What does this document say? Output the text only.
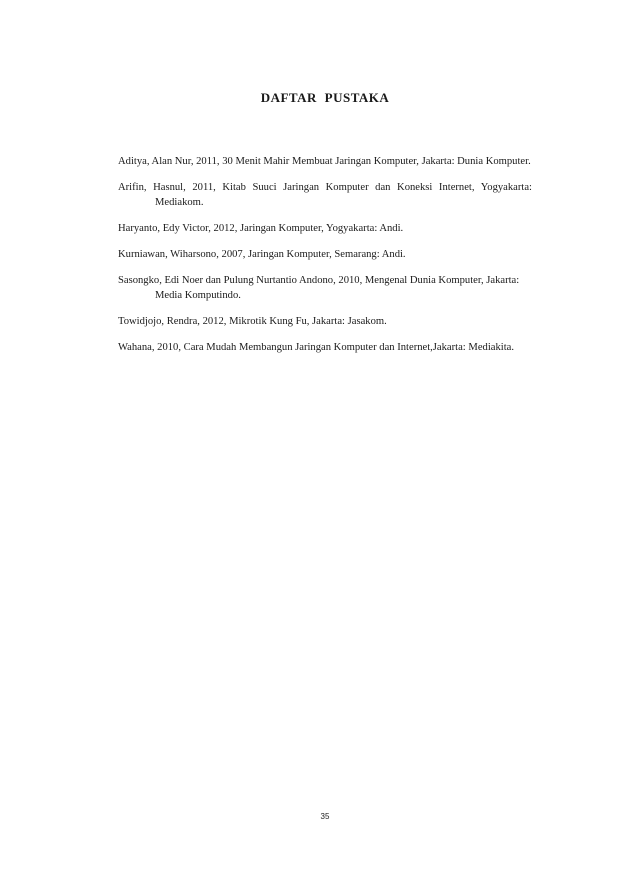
DAFTAR PUSTAKA
Aditya, Alan Nur, 2011, 30 Menit Mahir Membuat Jaringan Komputer, Jakarta: Dunia Komputer.
Arifin, Hasnul, 2011, Kitab Suuci Jaringan Komputer dan Koneksi Internet, Yogyakarta: Mediakom.
Haryanto, Edy Victor, 2012, Jaringan Komputer, Yogyakarta: Andi.
Kurniawan, Wiharsono, 2007, Jaringan Komputer, Semarang: Andi.
Sasongko, Edi Noer dan Pulung Nurtantio Andono, 2010, Mengenal Dunia Komputer, Jakarta: Media Komputindo.
Towidjojo, Rendra, 2012, Mikrotik Kung Fu, Jakarta: Jasakom.
Wahana, 2010, Cara Mudah Membangun Jaringan Komputer dan Internet,Jakarta: Mediakita.
35
